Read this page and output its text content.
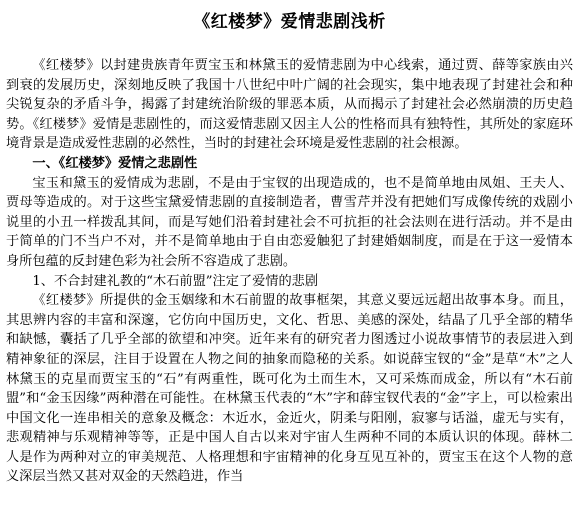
《红楼梦》爱情悲剧浅析

《红楼梦》以封建贵族青年贾宝玉和林黛玉的爱情悲剧为中心线索，通过贾、薛等家族由兴到衰的发展历史，深刻地反映了我国十八世纪中叶广阔的社会现实，集中地表现了封建社会和种尖锐复杂的矛盾斗争，揭露了封建统治阶级的罪恶本质，从而揭示了封建社会必然崩溃的历史趋势。《红楼梦》爱情是悲剧性的，而这爱情悲剧又因主人公的性格而具有独特性，其所处的家庭环境背景是造成爱性悲剧的必然性，当时的封建社会环境是爱性悲剧的社会根源。

一、《红楼梦》爱情之悲剧性

宝玉和黛玉的爱情成为悲剧，不是由于宝钗的出现造成的，也不是简单地由凤姐、王夫人、贾母等造成的。对于这些宝黛爱情悲剧的直接制造者，曹雪芹并没有把她们写成像传统的戏剧小说里的小丑一样拨乱其间，而是写她们沿着封建社会不可抗拒的社会法则在进行活动。并不是由于简单的门不当户不对，并不是简单地由于自由恋爱触犯了封建婚姻制度，而是在于这一爱情本身所包蕴的反封建色彩为社会所不容造成了悲剧。

1、不合封建礼教的“木石前盟”注定了爱情的悲剧

《红楼梦》所提供的金玉姻缘和木石前盟的故事框架，其意义要远远超出故事本身。而且，其思辨内容的丰富和深邃，它仿向中国历史，文化、哲思、美感的深处，结晶了几乎全部的精华和缺憾，囊括了几乎全部的欲望和冲突。近年来有的研究者力图透过小说故事情节的表层进入到精神象征的深层，注目于设置在人物之间的抽象而隐秘的关系。如说薛宝钗的“金”是草“木”之人林黛玉的克星而贾宝玉的“石”有两重性，既可化为土而生木，又可采炼而成金，所以有“木石前盟”和“金玉因缘”两种潜在可能性。在林黛玉代表的“木”字和薛宝钗代表的“金”字上，可以检索出中国文化一连串相关的意象及概念：木近水，金近火，阴柔与阳刚，寂寥与话溢，虚无与实有，悲观精神与乐观精神等等，正是中国人自古以来对宇宙人生两种不同的本质认识的体现。薛林二人是作为两种对立的审美规范、人格理想和宇宙精神的化身互见互补的，贾宝玉在这个人物的意义深层当然又甚对双金的天然趋进，作当
